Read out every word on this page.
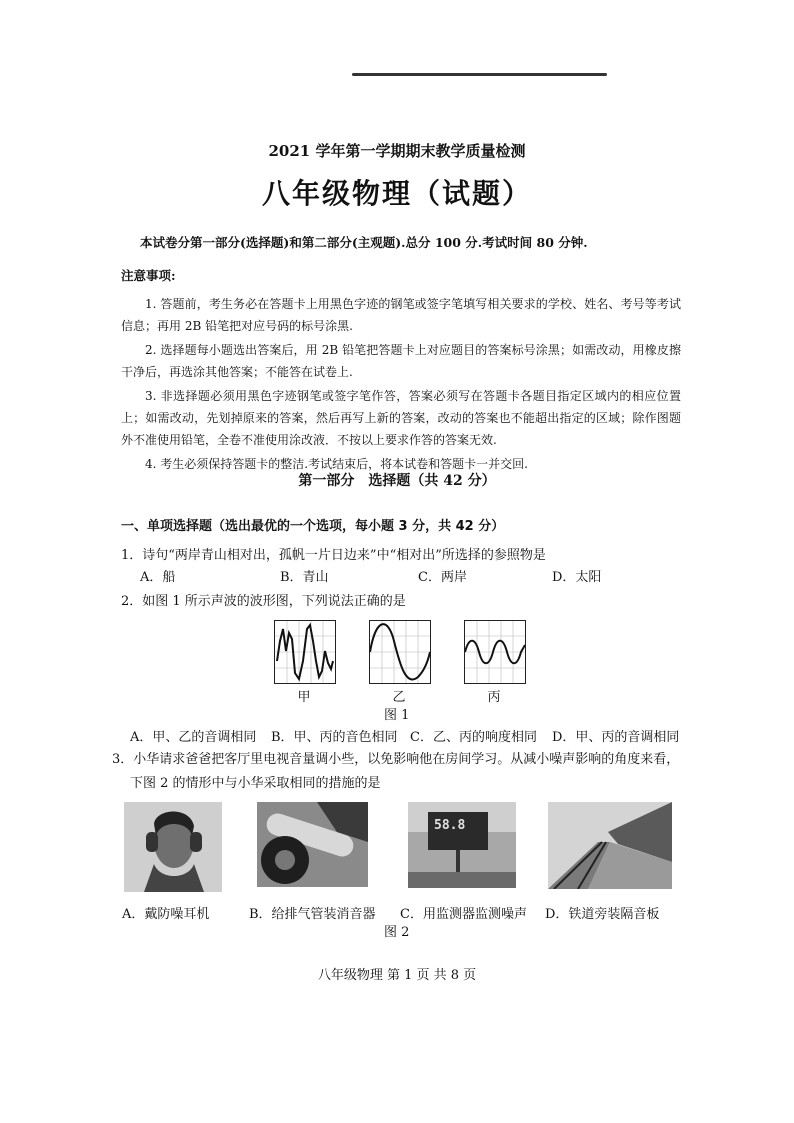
2021 学年第一学期期末教学质量检测
八年级物理（试题）
本试卷分第一部分(选择题)和第二部分(主观题).总分 100 分.考试时间 80 分钟.
注意事项:

1. 答题前，考生务必在答题卡上用黑色字迹的钢笔或签字笔填写相关要求的学校、姓名、考号等考试信息；再用 2B 铅笔把对应号码的标号涂黑.

2. 选择题每小题选出答案后，用 2B 铅笔把答题卡上对应题目的答案标号涂黑；如需改动，用橡皮擦干净后，再选涂其他答案；不能答在试卷上.

3. 非选择题必须用黑色字迹钢笔或签字笔作答，答案必须写在答题卡各题目指定区域内的相应位置上；如需改动，先划掉原来的答案，然后再写上新的答案，改动的答案也不能超出指定的区域；除作图题外不准使用铅笔，全卷不准使用涂改液．不按以上要求作答的答案无效.

4. 考生必须保持答题卡的整洁.考试结束后，将本试卷和答题卡一并交回.

第一部分　选择题（共 42 分）
一、单项选择题（选出最优的一个选项，每小题 3 分，共 42 分）
1．诗句“两岸青山相对出，孤帆一片日边来”中“相对出”所选择的参照物是
A．船	B．青山	C．两岸	D．太阳
2．如图 1 所示声波的波形图，下列说法正确的是
甲	乙	丙
图 1
A．甲、乙的音调相同 B．甲、丙的音色相同 C．乙、丙的响度相同 D．甲、丙的音调相同
3．小华请求爸爸把客厅里电视音量调小些，以免影响他在房间学习。从减小噪声影响的角度来看，
下图 2 的情形中与小华采取相同的措施的是
58.8
A．戴防噪耳机	B．给排气管装消音器 C．用监测器监测噪声 D．铁道旁装隔音板
图 2
八年级物理 第 1 页 共 8 页
